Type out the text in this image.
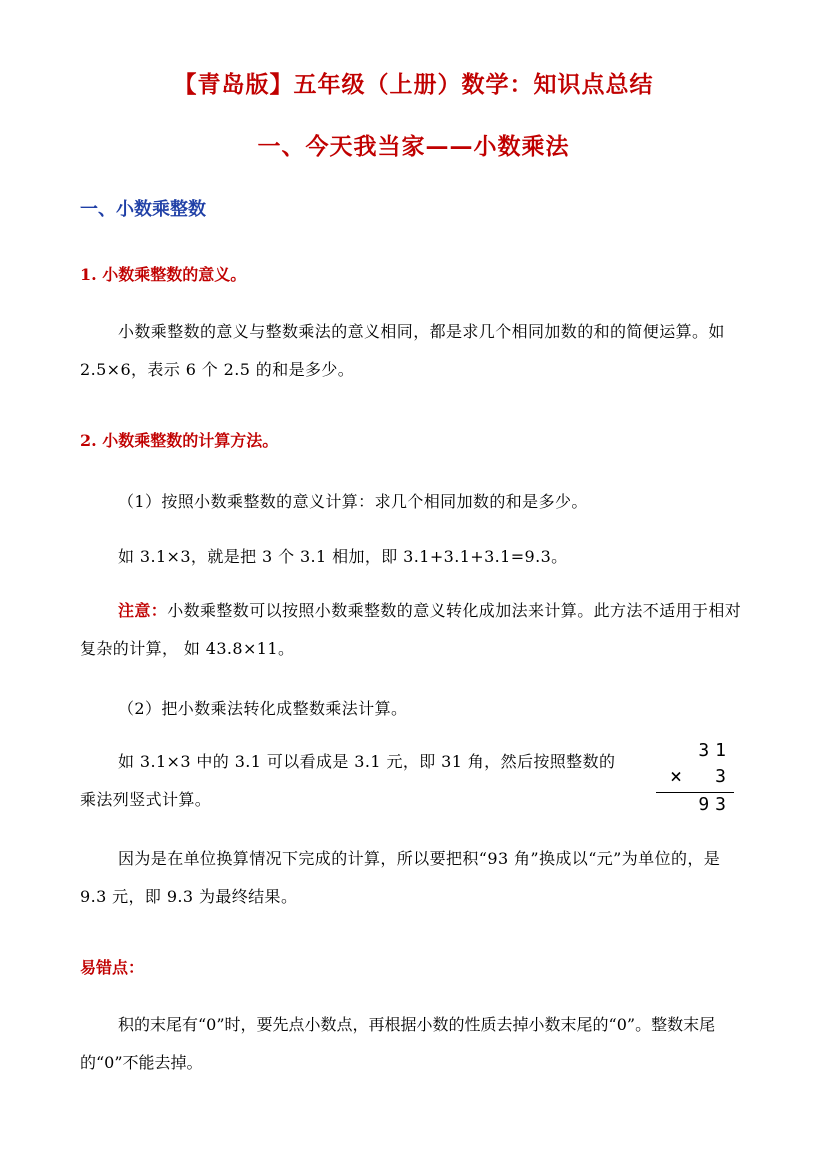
【青岛版】五年级（上册）数学：知识点总结
一、今天我当家——小数乘法
一、小数乘整数
1. 小数乘整数的意义。
小数乘整数的意义与整数乘法的意义相同，都是求几个相同加数的和的简便运算。如 2.5×6，表示 6 个 2.5 的和是多少。
2. 小数乘整数的计算方法。
（1）按照小数乘整数的意义计算：求几个相同加数的和是多少。
如 3.1×3，就是把 3 个 3.1 相加，即 3.1+3.1+3.1=9.3。
注意：小数乘整数可以按照小数乘整数的意义转化成加法来计算。此方法不适用于相对复杂的计算， 如 43.8×11。
（2）把小数乘法转化成整数乘法计算。
如 3.1×3 中的 3.1 可以看成是 3.1 元，即 31 角，然后按照整数的乘法列竖式计算。
31
× 3
93
因为是在单位换算情况下完成的计算，所以要把积“93 角”换成以“元”为单位的，是 9.3 元，即 9.3 为最终结果。
易错点：
积的末尾有“0”时，要先点小数点，再根据小数的性质去掉小数末尾的“0”。整数末尾的“0”不能去掉。
